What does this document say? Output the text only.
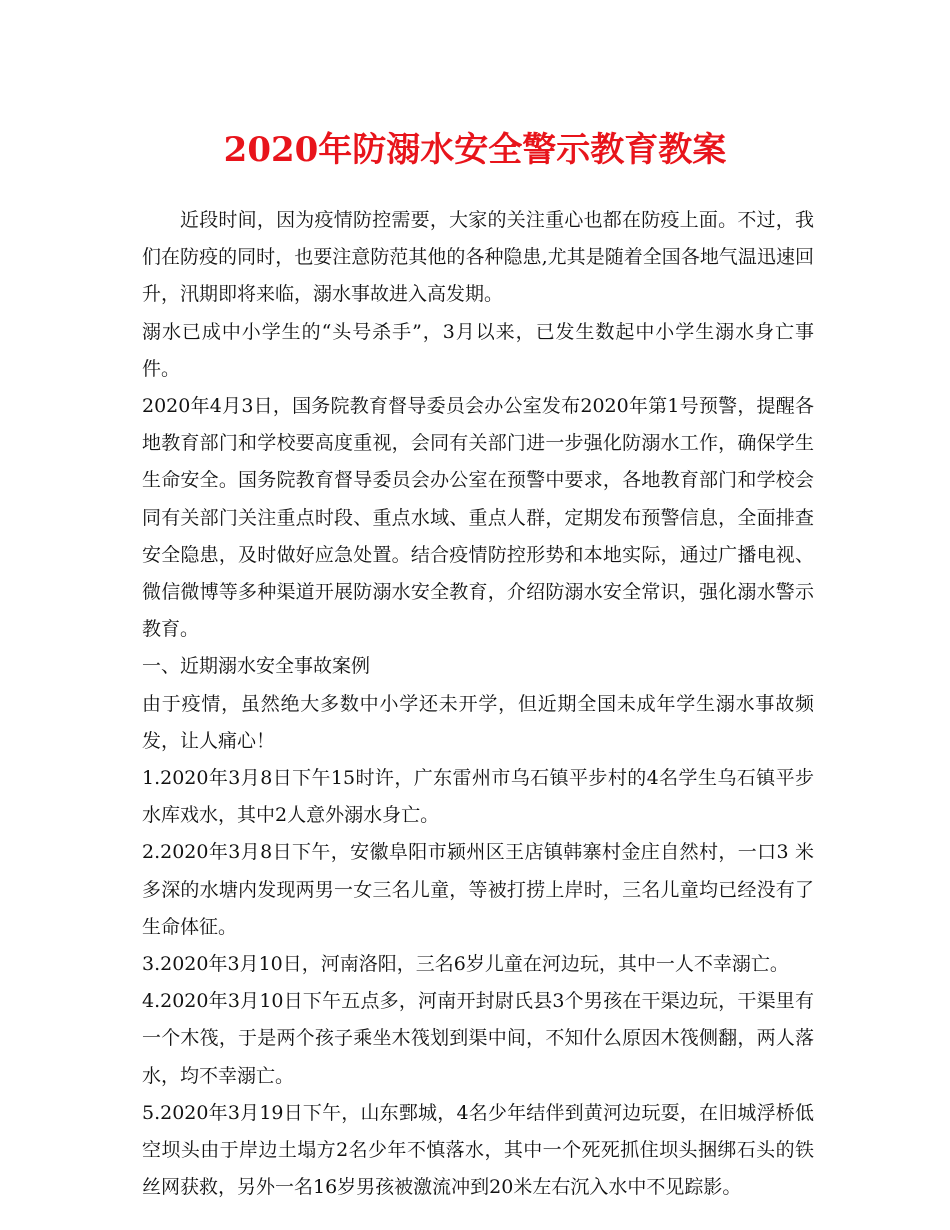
2020年防溺水安全警示教育教案

近段时间，因为疫情防控需要，大家的关注重心也都在防疫上面。不过，我们在防疫的同时，也要注意防范其他的各种隐患,尤其是随着全国各地气温迅速回升，汛期即将来临，溺水事故进入高发期。

溺水已成中小学生的“头号杀手”，3月以来，已发生数起中小学生溺水身亡事件。

2020年4月3日，国务院教育督导委员会办公室发布2020年第1号预警，提醒各地教育部门和学校要高度重视，会同有关部门进一步强化防溺水工作，确保学生生命安全。国务院教育督导委员会办公室在预警中要求，各地教育部门和学校会同有关部门关注重点时段、重点水域、重点人群，定期发布预警信息，全面排查安全隐患，及时做好应急处置。结合疫情防控形势和本地实际，通过广播电视、微信微博等多种渠道开展防溺水安全教育，介绍防溺水安全常识，强化溺水警示教育。

一、近期溺水安全事故案例

由于疫情，虽然绝大多数中小学还未开学，但近期全国未成年学生溺水事故频发，让人痛心！

1.2020年3月8日下午15时许，广东雷州市乌石镇平步村的4名学生乌石镇平步水库戏水，其中2人意外溺水身亡。

2.2020年3月8日下午，安徽阜阳市颍州区王店镇韩寨村金庄自然村，一口3 米多深的水塘内发现两男一女三名儿童，等被打捞上岸时，三名儿童均已经没有了生命体征。

3.2020年3月10日，河南洛阳，三名6岁儿童在河边玩，其中一人不幸溺亡。

4.2020年3月10日下午五点多，河南开封尉氏县3个男孩在干渠边玩，干渠里有一个木筏，于是两个孩子乘坐木筏划到渠中间，不知什么原因木筏侧翻，两人落水，均不幸溺亡。

5.2020年3月19日下午，山东鄄城，4名少年结伴到黄河边玩耍，在旧城浮桥低空坝头由于岸边土塌方2名少年不慎落水，其中一个死死抓住坝头捆绑石头的铁丝网获救，另外一名16岁男孩被激流冲到20米左右沉入水中不见踪影。
